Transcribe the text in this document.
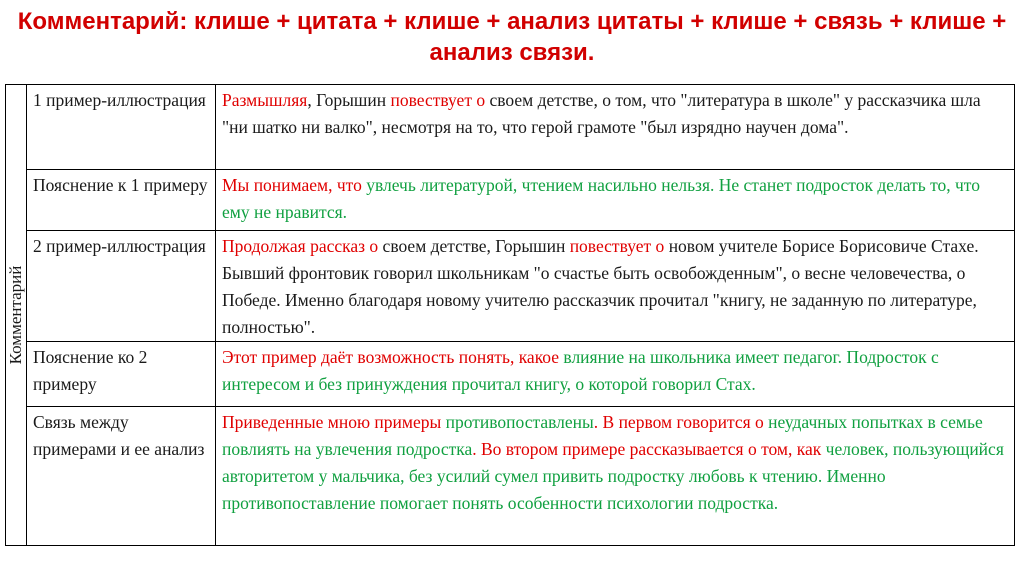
Комментарий: клише + цитата + клише + анализ цитаты + клише + связь + клише + анализ связи.
Комментарий	1 пример-иллюстрация	Размышляя, Горышин повествует о своем детстве, о том, что "литература в школе" у рассказчика шла "ни шатко ни валко", несмотря на то, что герой грамоте "был изрядно научен дома".
	Пояснение к 1 примеру	Мы понимаем, что увлечь литературой, чтением насильно нельзя. Не станет подросток делать то, что ему не нравится.
	2 пример-иллюстрация	Продолжая рассказ о своем детстве, Горышин повествует о новом учителе Борисе Борисовиче Стахе. Бывший фронтовик говорил школьникам "о счастье быть освобожденным", о весне человечества, о Победе. Именно благодаря новому учителю рассказчик прочитал "книгу, не заданную по литературе, полностью".
	Пояснение ко 2 примеру	Этот пример даёт возможность понять, какое влияние на школьника имеет педагог. Подросток с интересом и без принуждения прочитал книгу, о которой говорил Стах.
	Связь между примерами и ее анализ	Приведенные мною примеры противопоставлены. В первом говорится о неудачных попытках в семье повлиять на увлечения подростка. Во втором примере рассказывается о том, как человек, пользующийся авторитетом у мальчика, без усилий сумел привить подростку любовь к чтению. Именно противопоставление помогает понять особенности психологии подростка.
